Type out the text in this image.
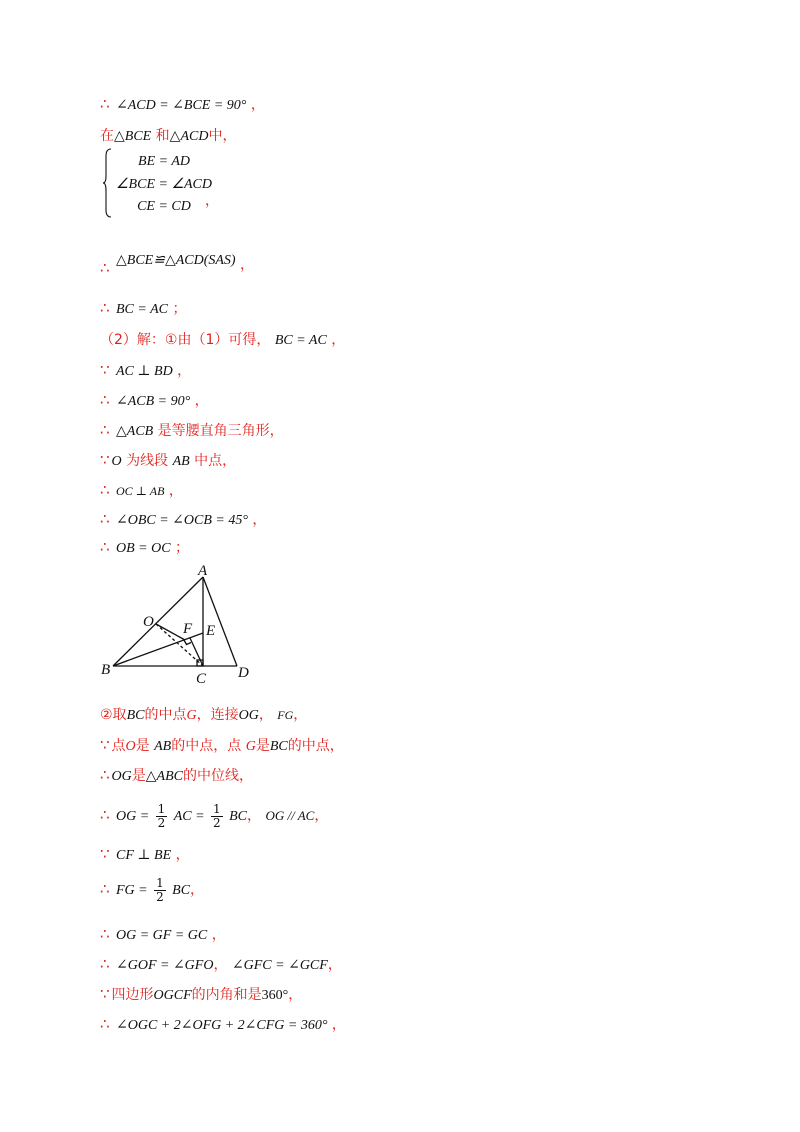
∴ ∠ACD = ∠BCE = 90° ，
在△BCE 和△ACD中，
BE = AD
∠BCE = ∠ACD
CE = CD	，
∴ △BCE≌△ACD(SAS) ，
∴ BC = AC ；
（2）解：①由（1）可得， BC = AC ，
∵ AC ⊥ BD ，
∴ ∠ACB = 90° ，
∴ △ACB 是等腰直角三角形，
∵ O 为线段 AB 中点，
∴ OC ⊥ AB ，
∴ ∠OBC = ∠OCB = 45° ，
∴ OB = OC ；
A
O F E
B
C D
②取BC的中点G，连接OG， FG，
∵ 点O是 AB的中点，点 G是BC的中点，
∴ OG是△ABC的中位线，
∴ OG = $\frac{1}{2}$ AC = $\frac{1}{2}$ BC， OG // AC，
∵ CF ⊥ BE ，
∴ FG = $\frac{1}{2}$ BC，
∴ OG = GF = GC ，
∴ ∠GOF = ∠GFO， ∠GFC = ∠GCF，
∵ 四边形OGCF的内角和是360°，
∴ ∠OGC + 2∠OFG + 2∠CFG = 360° ，
